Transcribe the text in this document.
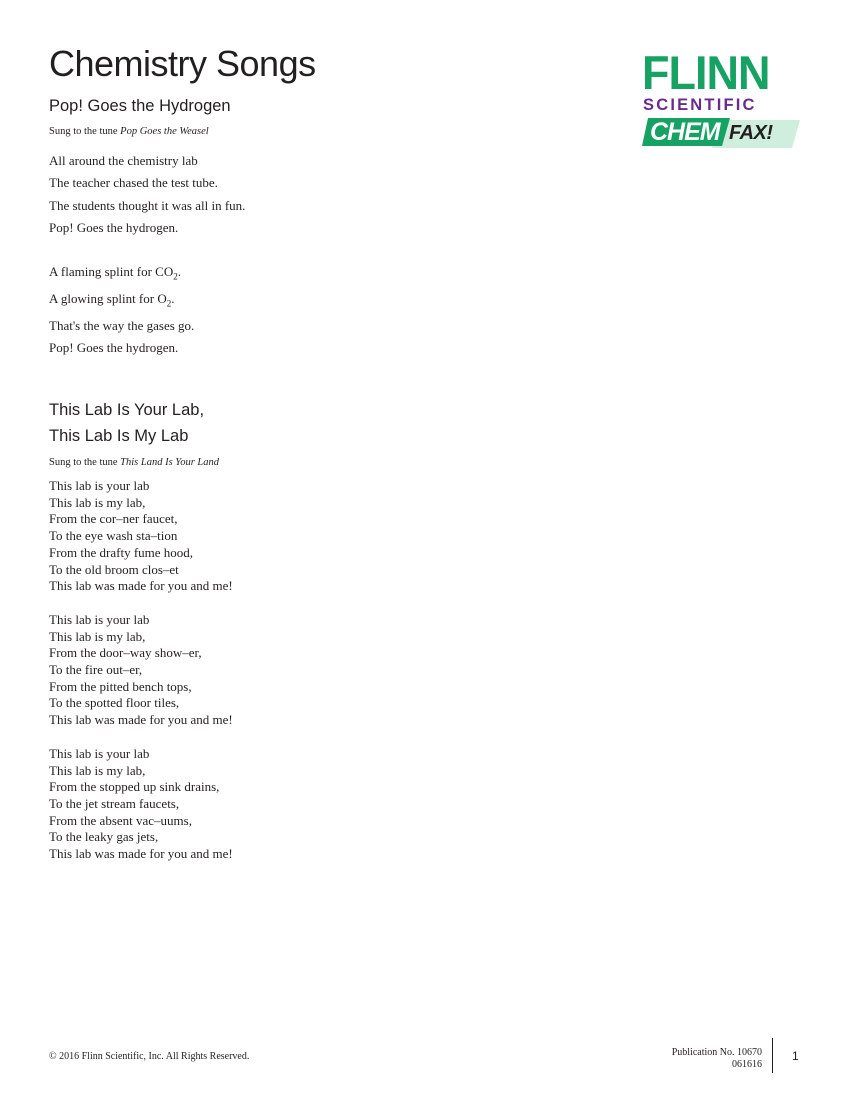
Chemistry Songs	FLINN
SCIENTIFIC
CHEM FAX!
Pop! Goes the Hydrogen

Sung to the tune Pop Goes the Weasel

All around the chemistry lab
The teacher chased the test tube.
The students thought it was all in fun.
Pop! Goes the hydrogen.
A flaming splint for $CO_2$.
A glowing splint for $O_2$.
That's the way the gases go.
Pop! Goes the hydrogen.
This Lab Is Your Lab,
This Lab Is My Lab

Sung to the tune This Land Is Your Land

This lab is your lab
This lab is my lab,
From the cor–ner faucet,
To the eye wash sta–tion
From the drafty fume hood,
To the old broom clos–et
This lab was made for you and me!
This lab is your lab
This lab is my lab,
From the door–way show–er,
To the fire out–er,
From the pitted bench tops,
To the spotted floor tiles,
This lab was made for you and me!
This lab is your lab
This lab is my lab,
From the stopped up sink drains,
To the jet stream faucets,
From the absent vac–uums,
To the leaky gas jets,
This lab was made for you and me!
© 2016 Flinn Scientific, Inc. All Rights Reserved.	Publication No. 10670
061616
1
